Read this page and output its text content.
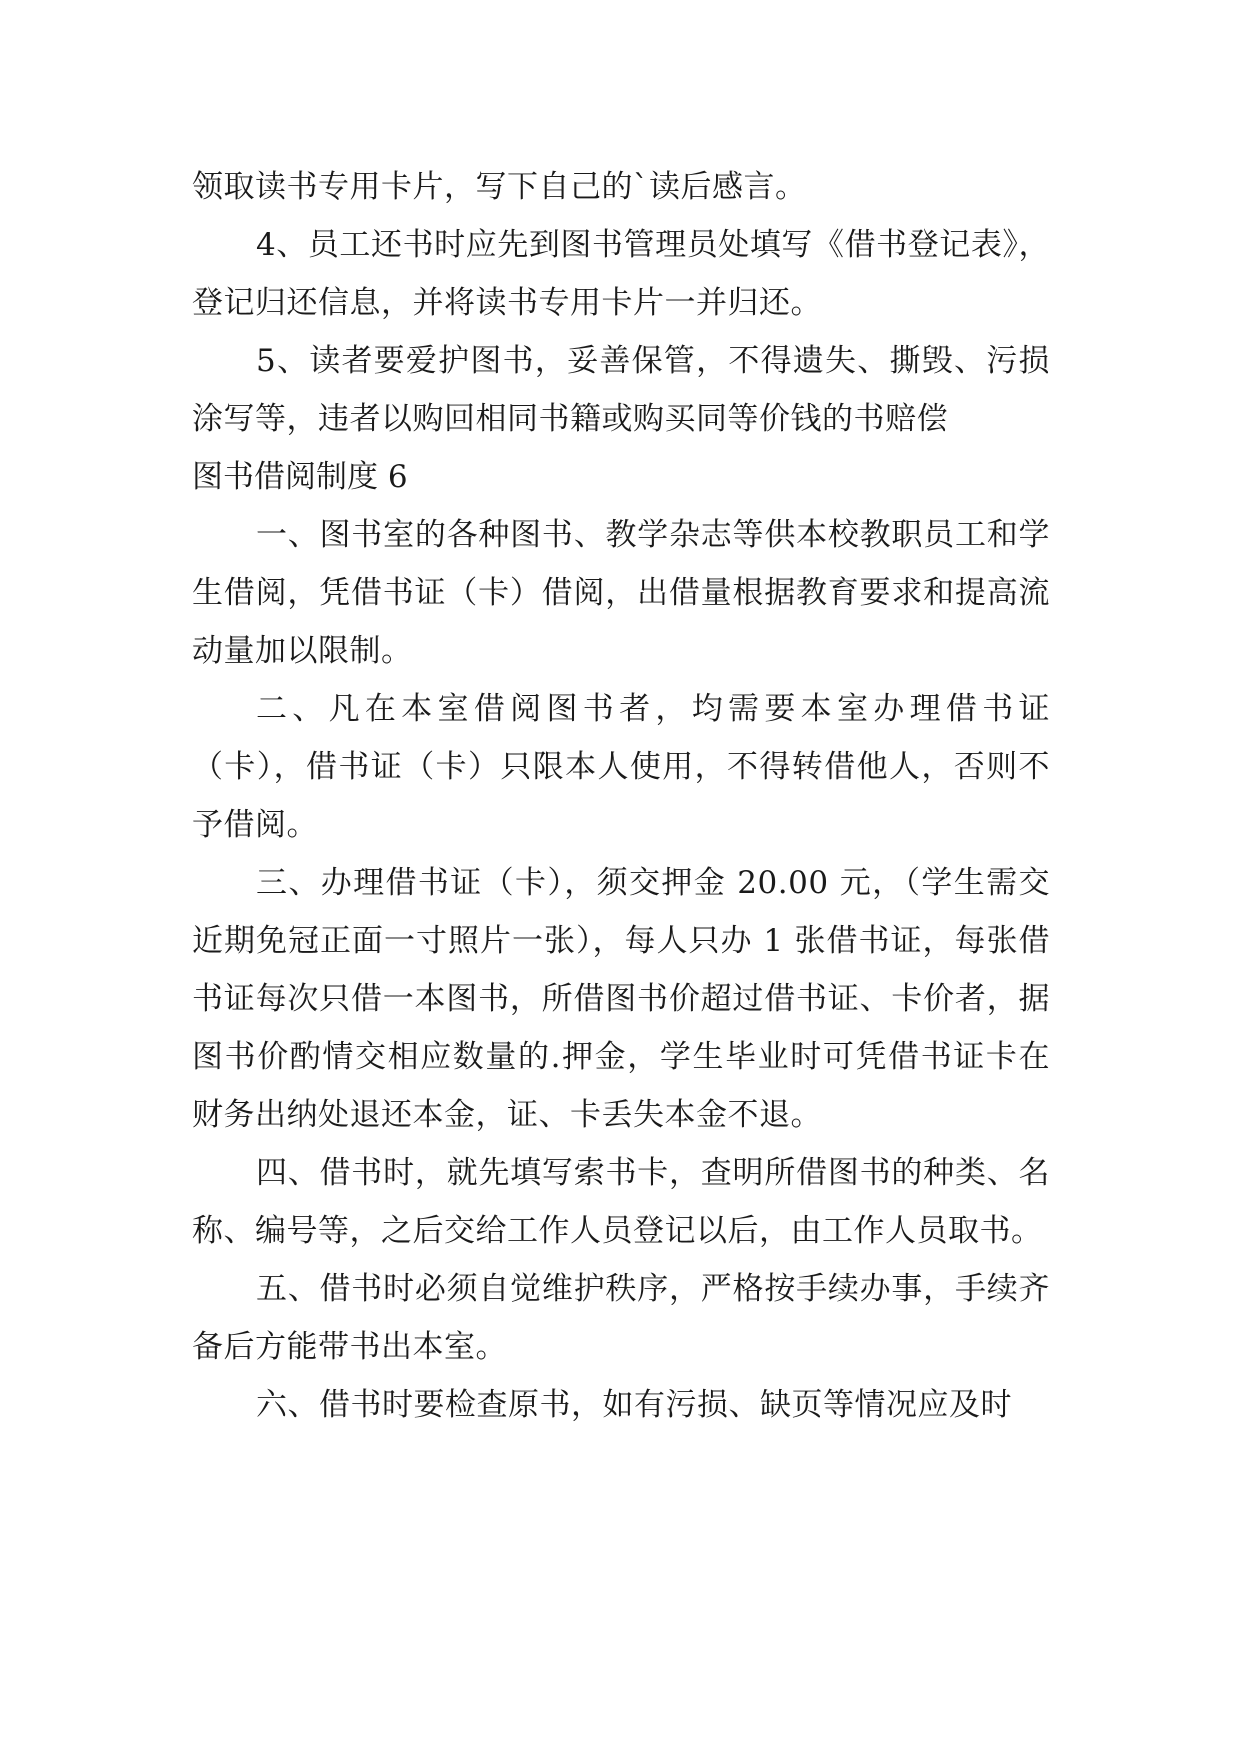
领取读书专用卡片，写下自己的`读后感言。

4、员工还书时应先到图书管理员处填写《借书登记表》，登记归还信息，并将读书专用卡片一并归还。

5、读者要爱护图书，妥善保管，不得遗失、撕毁、污损涂写等，违者以购回相同书籍或购买同等价钱的书赔偿

图书借阅制度 6

一、图书室的各种图书、教学杂志等供本校教职员工和学生借阅，凭借书证（卡）借阅，出借量根据教育要求和提高流动量加以限制。

二、凡在本室借阅图书者，均需要本室办理借书证（卡），借书证（卡）只限本人使用，不得转借他人，否则不予借阅。

三、办理借书证（卡），须交押金 20.00 元，（学生需交近期免冠正面一寸照片一张），每人只办 1 张借书证，每张借书证每次只借一本图书，所借图书价超过借书证、卡价者，据图书价酌情交相应数量的.押金，学生毕业时可凭借书证卡在财务出纳处退还本金，证、卡丢失本金不退。

四、借书时，就先填写索书卡，查明所借图书的种类、名称、编号等，之后交给工作人员登记以后，由工作人员取书。

五、借书时必须自觉维护秩序，严格按手续办事，手续齐备后方能带书出本室。

六、借书时要检查原书，如有污损、缺页等情况应及时
